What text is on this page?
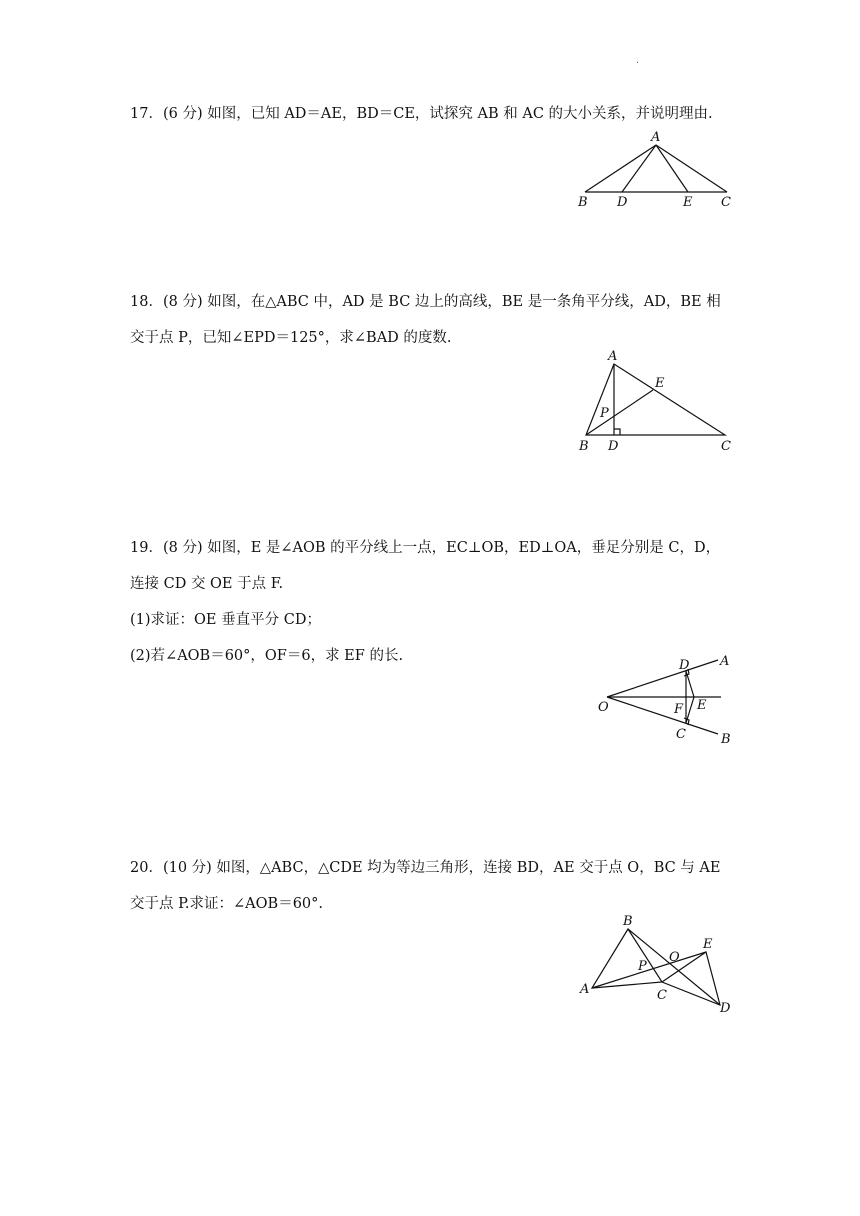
.
17．(6 分) 如图，已知 AD＝AE，BD＝CE，试探究 AB 和 AC 的大小关系，并说明理由.
A
B D	E C
18．(8 分) 如图，在△ABC 中，AD 是 BC 边上的高线，BE 是一条角平分线，AD，BE 相
交于点 P，已知∠EPD＝125°，求∠BAD 的度数.
A
E
P
B D	C
19．(8 分) 如图，E 是∠AOB 的平分线上一点，EC⊥OB，ED⊥OA，垂足分别是 C，D，
连接 CD 交 OE 于点 F.
(1)求证：OE 垂直平分 CD；
(2)若∠AOB＝60°，OF＝6，求 EF 的长.
D A
O	F E
C	B
20．(10 分) 如图，△ABC，△CDE 均为等边三角形，连接 BD，AE 交于点 O，BC 与 AE
交于点 P.求证：∠AOB＝60°.
B
E
P
O
A	C
D
